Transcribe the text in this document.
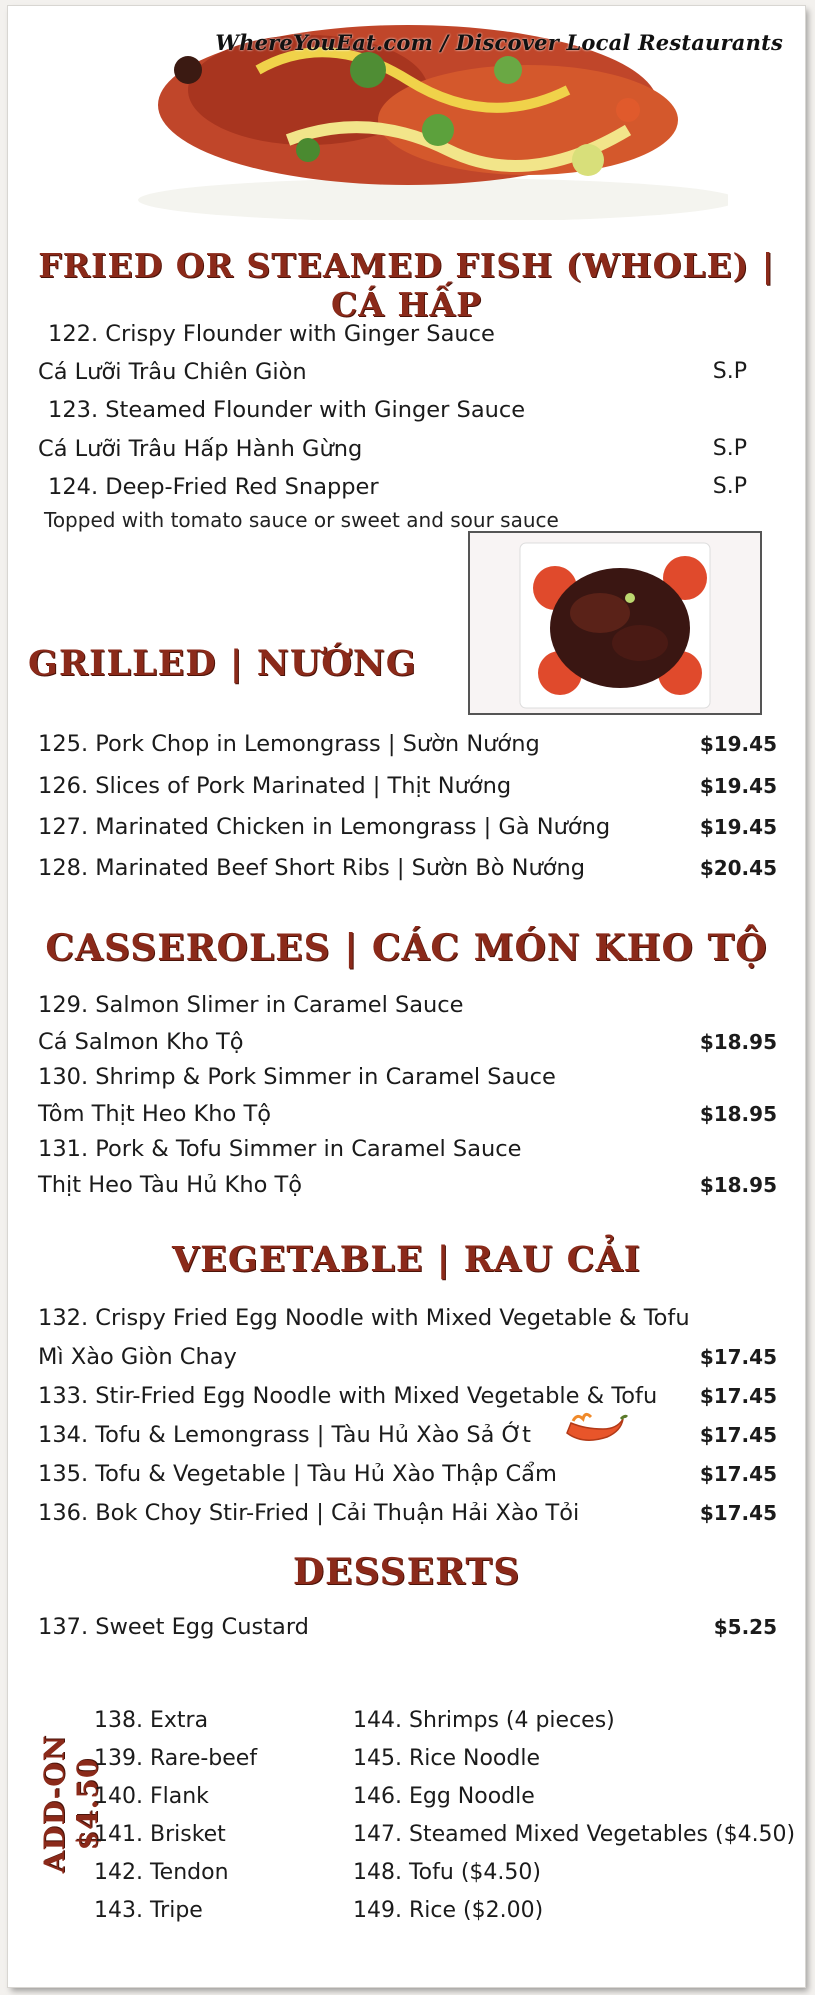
WhereYouEat.com / Discover Local Restaurants
FRIED OR STEAMED FISH (WHOLE) | CÁ HẤP
122. Crispy Flounder with Ginger Sauce
Cá Lưỡi Trâu Chiên Giòn	S.P
123. Steamed Flounder with Ginger Sauce
Cá Lưỡi Trâu Hấp Hành Gừng	S.P
124. Deep-Fried Red Snapper	S.P
Topped with tomato sauce or sweet and sour sauce
GRILLED | NƯỚNG
125. Pork Chop in Lemongrass | Sườn Nướng	$19.45
126. Slices of Pork Marinated | Thịt Nướng	$19.45
127. Marinated Chicken in Lemongrass | Gà Nướng	$19.45
128. Marinated Beef Short Ribs | Sườn Bò Nướng	$20.45
CASSEROLES | CÁC MÓN KHO TỘ
129. Salmon Slimer in Caramel Sauce
Cá Salmon Kho Tộ	$18.95
130. Shrimp & Pork Simmer in Caramel Sauce
Tôm Thịt Heo Kho Tộ	$18.95
131. Pork & Tofu Simmer in Caramel Sauce
Thịt Heo Tàu Hủ Kho Tộ	$18.95
VEGETABLE | RAU CẢI
132. Crispy Fried Egg Noodle with Mixed Vegetable & Tofu
Mì Xào Giòn Chay	$17.45
133. Stir-Fried Egg Noodle with Mixed Vegetable & Tofu $17.45
134. Tofu & Lemongrass | Tàu Hủ Xào Sả Ớt	$17.45
135. Tofu & Vegetable | Tàu Hủ Xào Thập Cẩm	$17.45
136. Bok Choy Stir-Fried | Cải Thuận Hải Xào Tỏi	$17.45
DESSERTS
137. Sweet Egg Custard	$5.25
ADD-ON $4.50
138. Extra
139. Rare-beef
140. Flank
141. Brisket
142. Tendon
143. Tripe
144. Shrimps (4 pieces)
145. Rice Noodle
146. Egg Noodle
147. Steamed Mixed Vegetables ($4.50)
148. Tofu ($4.50)
149. Rice ($2.00)
